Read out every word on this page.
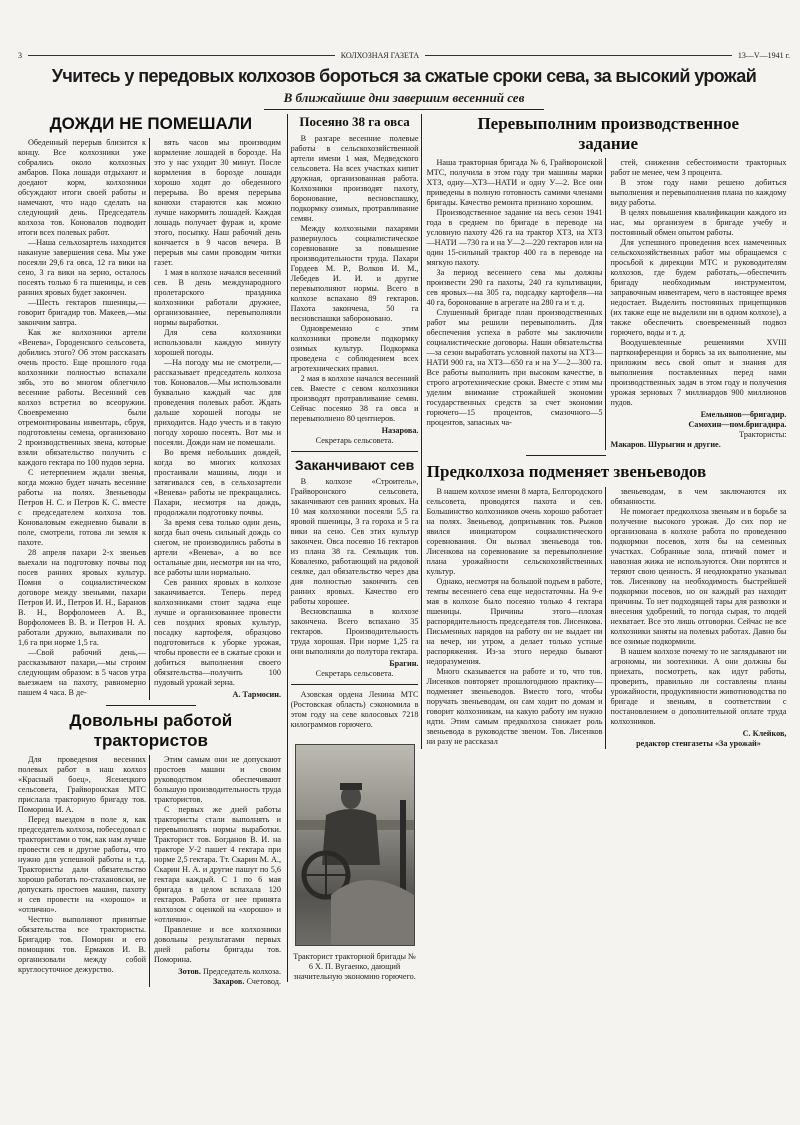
3	КОЛХОЗНАЯ ГАЗЕТА	13—V—1941 г.
Учитесь у передовых колхозов бороться за сжатые сроки сева, за высокий урожай
В ближайшие дни завершим весенний сев
ДОЖДИ НЕ ПОМЕШАЛИ

Обеденный перерыв близится к концу. Все колхозники уже собрались около колхозных амбаров. Пока лошади отдыхают и доедают корм, колхозники обсуждают итоги своей работы и намечают, что надо сделать на следующий день. Председатель колхоза тов. Коновалов подводит итоги всех полевых работ.

—Наша сельхозартель находится накануне завершения сева. Мы уже посеяли 29,6 га овса, 12 га вики на сено, 3 га вики на зерно, осталось посеять только 6 га пшеницы, и сев ранних яровых будет закончен.

—Шесть гектаров пшеницы,—говорит бригадир тов. Макеев,—мы закончим завтра.

Как же колхозники артели «Венева», Городенского сельсовета, добились этого? Об этом рассказать очень просто. Еще прошлого года колхозники полностью вспахали зябь, это во многом облегчило весенние работы. Весенний сев колхоз встретил во всеоружии. Своевременно были отремонтированы инвентарь, сбруя, подготовлены семена, организовано 2 производственных звена, которые взяли обязательство получить с каждого гектара по 100 пудов зерна.

С нетерпением ждали звенья, когда можно будет начать весенние работы на полях. Звеньеводы Петров Н. С. и Петров К. С. вместе с председателем колхоза тов. Коноваловым ежедневно бывали в поле, смотрели, готова ли земля к пахоте.

28 апреля пахари 2-х звеньев выехали на подготовку почвы под посев ранних яровых культур. Помня о социалистическом договоре между звеньями, пахари Петров И. И., Петров И. Н., Баранов В. Н., Ворфоломеев А. В., Ворфоломеев В. В. и Петров Н. А. работали дружно, выпахивали по 1,6 га при норме 1,5 га.

—Свой рабочий день,—рассказывают пахари,—мы строим следующим образом: в 5 часов утра выезжаем на пахоту, равномерно пашем 4 часа. В де-

вять часов мы производим кормление лошадей в борозде. На это у нас уходит 30 минут. После кормления в борозде лошади хорошо ходят до обеденного перерыва. Во время перерыва конюхи стараются как можно лучше накормить лошадей. Каждая лошадь получает фураж и, кроме этого, посыпку. Наш рабочий день кончается в 9 часов вечера. В перерыв мы сами проводим читки газет.

1 мая в колхозе начался весенний сев. В день международного пролетарского праздника колхозники работали дружнее, организованнее, перевыполняли нормы выработки.

Для сева колхозники использовали каждую минуту хорошей погоды.

—На погоду мы не смотрели,—рассказывает председатель колхоза тов. Коновалов.—Мы использовали буквально каждый час для проведения полевых работ. Ждать дальше хорошей погоды не приходится. Надо учесть и в такую погоду хорошо посеять. Вот мы и посеяли. Дожди нам не помешали.

Во время небольших дождей, когда во многих колхозах простаивали машины, люди и затягивался сев, в сельхозартели «Венева» работы не прекращались. Пахари, несмотря на дождь, продолжали подготовку почвы.

За время сева только один день, когда был очень сильный дождь со снегом, не производились работы в артели «Венева», а во все остальные дни, несмотря ни на что, все работы шли нормально.

Сев ранних яровых в колхозе заканчивается. Теперь перед колхозниками стоит задача еще лучше и организованнее провести сев поздних яровых культур, посадку картофеля, образцово подготовиться к уборке урожая, чтобы провести ее в сжатые сроки и добиться выполнения своего обязательства—получить 100 пудовый урожай зерна.

А. Тармосин.
Довольны работой трактористов

Для проведения весенних полевых работ в наш колхоз «Красный боец», Ясенецкого сельсовета, Грайворонская МТС прислала тракторную бригаду тов. Поморина И. А.

Перед выездом в поле я, как председатель колхоза, побеседовал с трактористами о том, как нам лучше провести сев и другие работы, что нужно для успешной работы и т.д. Трактористы дали обязательство хорошо работать по-стахановски, не допускать простоев машин, пахоту и сев провести на «хорошо» и «отлично».

Честно выполняют принятые обязательства все трактористы. Бригадир тов. Поморин и его помощник тов. Ермаков И. В. организовали между собой круглосуточное дежурство.

Этим самым они не допускают простоев машин и своим руководством обеспечивают большую производительность труда трактористов.

С первых же дней работы трактористы стали выполнять и перевыполнять нормы выработки. Тракторист тов. Богданов В. И. на тракторе У-2 пашет 4 гектара при норме 2,5 гектара. Тт. Скарин М. А., Скарин Н. А. и другие пашут по 5,6 гектара каждый. С 1 по 6 мая бригада в целом вспахала 120 гектаров. Работа от нее принята колхозом с оценкой на «хорошо» и «отлично».

Правление и все колхозники довольны результатами первых дней работы бригады тов. Поморина.

Зотов. Председатель колхоза.
Захаров. Счетовод.
Посеяно 38 га овса

В разгаре весенние полевые работы в сельскохозяйственной артели имени 1 мая, Медведского сельсовета. На всех участках кипит дружная, организованная работа. Колхозники производят пахоту, боронование, весновспашку, подкормку озимых, протравливание семян.

Между колхозными пахарями развернулось социалистическое соревнование за повышение производительности труда. Пахари Гордеев М. Р., Волков И. М., Лебедев И. И. и другие перевыполняют нормы. Всего в колхозе вспахано 89 гектаров. Пахота закончена, 50 га весновспашки заборонованo.

Одновременно с этим колхозники провели подкормку озимых культур. Подкормка проведена с соблюдением всех агротехнических правил.

2 мая в колхозе начался весенний сев. Вместе с севом колхозники производят протравливание семян. Сейчас посеяно 38 га овса и перевыполнено 80 центнеров.

Назарова.
Секретарь сельсовета.
Заканчивают сев

В колхозе «Строитель», Грайворонского сельсовета, заканчивают сев ранних яровых. На 10 мая колхозники посеяли 5,5 га яровой пшеницы, 3 га гороха и 5 га вики на сено. Сев этих культур закончен. Овса посеяно 16 гектаров из плана 38 га. Сеяльщик тов. Коваленко, работающий на рядовой сеялке, дал обязательство через два дня полностью закончить сев ранних яровых. Качество его работы хорошее.

Весновспашка в колхозе закончена. Всего вспахано 35 гектаров. Производительность труда хорошая. При норме 1,25 га они выполняли до полутора гектара.

Брагин.
Секретарь сельсовета.

Азовская ордена Ленина МТС (Ростовская область) сэкономила в этом году на севе колосовых 7218 килограммов горючего.

Тракторист тракторной бригады № 6 Х. П. Вугаенко, дающий значительную экономию горючего.
Перевыполним производственное задание

Наша тракторная бригада № 6, Грайворонской МТС, получила в этом году три машины марки ХТЗ, одну—ХТЗ—НАТИ и одну У—2. Все они приведены в полную готовность самими членами бригады. Качество ремонта признано хорошим.

Производственное задание на весь сезон 1941 года в среднем по бригаде в переводе на условную пахоту 426 га на трактор ХТЗ, на ХТЗ—НАТИ —730 га и на У—2—220 гектаров или на один 15-сильный трактор 400 га в переводе на мягкую пахоту.

За период весеннего сева мы должны произвести 290 га пахоты, 240 га культивации, сев яровых—на 305 га, подсадку картофеля—на 40 га, боронование в агрегате на 280 га и т. д.

Слушенный бригаде план производственных работ мы решили перевыполнить. Для обеспечения успеха в работе мы заключили социалистические договоры. Наши обязательства—за сезон выработать условной пахоты на ХТЗ—НАТИ 900 га, на ХТЗ—650 га и на У—2—300 га. Все работы выполнить при высоком качестве, в строго агротехнические сроки. Вместе с этим мы уделим внимание строжайшей экономии государственных средств за счет экономии горючего—15 процентов, смазочного—5 процентов, запасных ча-

стей, снижения себестоимости тракторных работ не менее, чем 3 процента.

В этом году нами решено добиться выполнения и перевыполнения плана по каждому виду работы.

В целях повышения квалификации каждого из нас, мы организуем в бригаде учебу и постоянный обмен опытом работы.

Для успешного проведения всех намеченных сельскохозяйственных работ мы обращаемся с просьбой к дирекции МТС и руководителям колхозов, где будем работать,—обеспечить бригаду необходимым инструментом, заправочным инвентарем, чего в настоящее время недостает. Выделить постоянных прицепщиков (их также еще не выделили ни в одном колхозе), а также обеспечить своевременный подвоз горючего, воды и т. д.

Воодушевленные решениями XVIII партконференции и борясь за их выполнение, мы приложим весь свой опыт и знания для выполнения поставленных перед нами производственных задач в этом году и получения урожая зерновых 7 миллиардов 900 миллионов пудов.

Емельянов—бригадир.
Самохин—пом.бригадира.
Трактористы:
Макаров. Шурыгин и другие.
Предколхоза подменяет звеньеводов

В нашем колхозе имени 8 марта, Белгородского сельсовета, проводятся пахота и сев. Большинство колхозников очень хорошо работает на полях. Звеньевод, допризывник тов. Рыжов явился инициатором социалистического соревнования. Он вызвал звеньевода тов. Лисенкова на соревнование за перевыполнение плана урожайности сельскохозяйственных культур.

Однако, несмотря на большой подъем в работе, темпы весеннего сева еще недостаточны. На 9-е мая в колхозе было посеяно только 4 гектара пшеницы. Причины этого—плохая распорядительность председателя тов. Лисенкова. Письменных нарядов на работу он не выдает ни на вечер, ни утром, а делает только устные распоряжения. Из-за этого нередко бывают недоразумения.

Много сказывается на работе и то, что тов. Лисенков повторяет прошлогоднюю практику—подменяет звеньеводов. Вместо того, чтобы поручать звеньеводам, он сам ходит по домам и говорит колхозникам, на какую работу им нужно идти. Этим самым предколхоза снижает роль звеньевода в руководстве звеном. Тов. Лисенков ни разу не рассказал

звеньеводам, в чем заключаются их обязанности.

Не помогает предколхоза звеньям и в борьбе за получение высокого урожая. До сих пор не организована в колхозе работа по проведению подкормки посевов, хотя бы на семенных участках. Собранные зола, птичий помет и навозная жижа не используются. Они портятся и теряют свою ценность. Я неоднократно указывал тов. Лисенкову на необходимость быстрейшей подкормки посевов, но он каждый раз находит причины. То нет подходящей тары для развозки и внесения удобрений, то погода сырая, то людей нехватает. Все это лишь отговорки. Сейчас не все колхозники заняты на полевых работах. Давно бы все озимые подкормили.

В нашем колхозе почему то не заглядывают ни агрономы, ни зоотехники. А они должны бы приехать, посмотреть, как идут работы, проверить, правильно ли составлены планы урожайности, продуктивности животноводства по бригаде и звеньям, в соответствии с постановлением о дополнительной оплате труда колхозников.

С. Клейков,
редактор стенгазеты «За урожай»
